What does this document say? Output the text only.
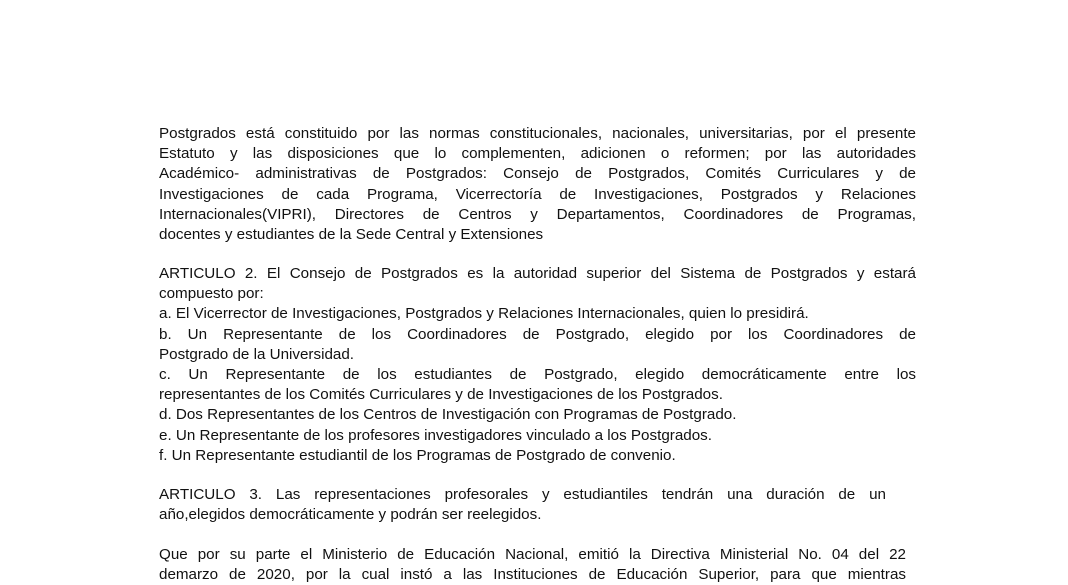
Postgrados está constituido por las normas constitucionales, nacionales, universitarias, por el presente
Estatuto y las disposiciones que lo complementen, adicionen o reformen; por las autoridades
Académico- administrativas de Postgrados: Consejo de Postgrados, Comités Curriculares y de
Investigaciones de cada Programa, Vicerrectoría de Investigaciones, Postgrados y Relaciones
Internacionales(VIPRI), Directores de Centros y Departamentos, Coordinadores de Programas,
docentes y estudiantes de la Sede Central y Extensiones
ARTICULO 2. El Consejo de Postgrados es la autoridad superior del Sistema de Postgrados y estará
compuesto por:
a. El Vicerrector de Investigaciones, Postgrados y Relaciones Internacionales, quien lo presidirá.
b. Un Representante de los Coordinadores de Postgrado, elegido por los Coordinadores de
Postgrado de la Universidad.
c. Un Representante de los estudiantes de Postgrado, elegido democráticamente entre los
representantes de los Comités Curriculares y de Investigaciones de los Postgrados.
d. Dos Representantes de los Centros de Investigación con Programas de Postgrado.
e. Un Representante de los profesores investigadores vinculado a los Postgrados.
f. Un Representante estudiantil de los Programas de Postgrado de convenio.
ARTICULO 3. Las representaciones profesorales y estudiantiles tendrán una duración de un
año,elegidos democráticamente y podrán ser reelegidos.
Que por su parte el Ministerio de Educación Nacional, emitió la Directiva Ministerial No. 04 del 22
demarzo de 2020, por la cual instó a las Instituciones de Educación Superior, para que mientras
